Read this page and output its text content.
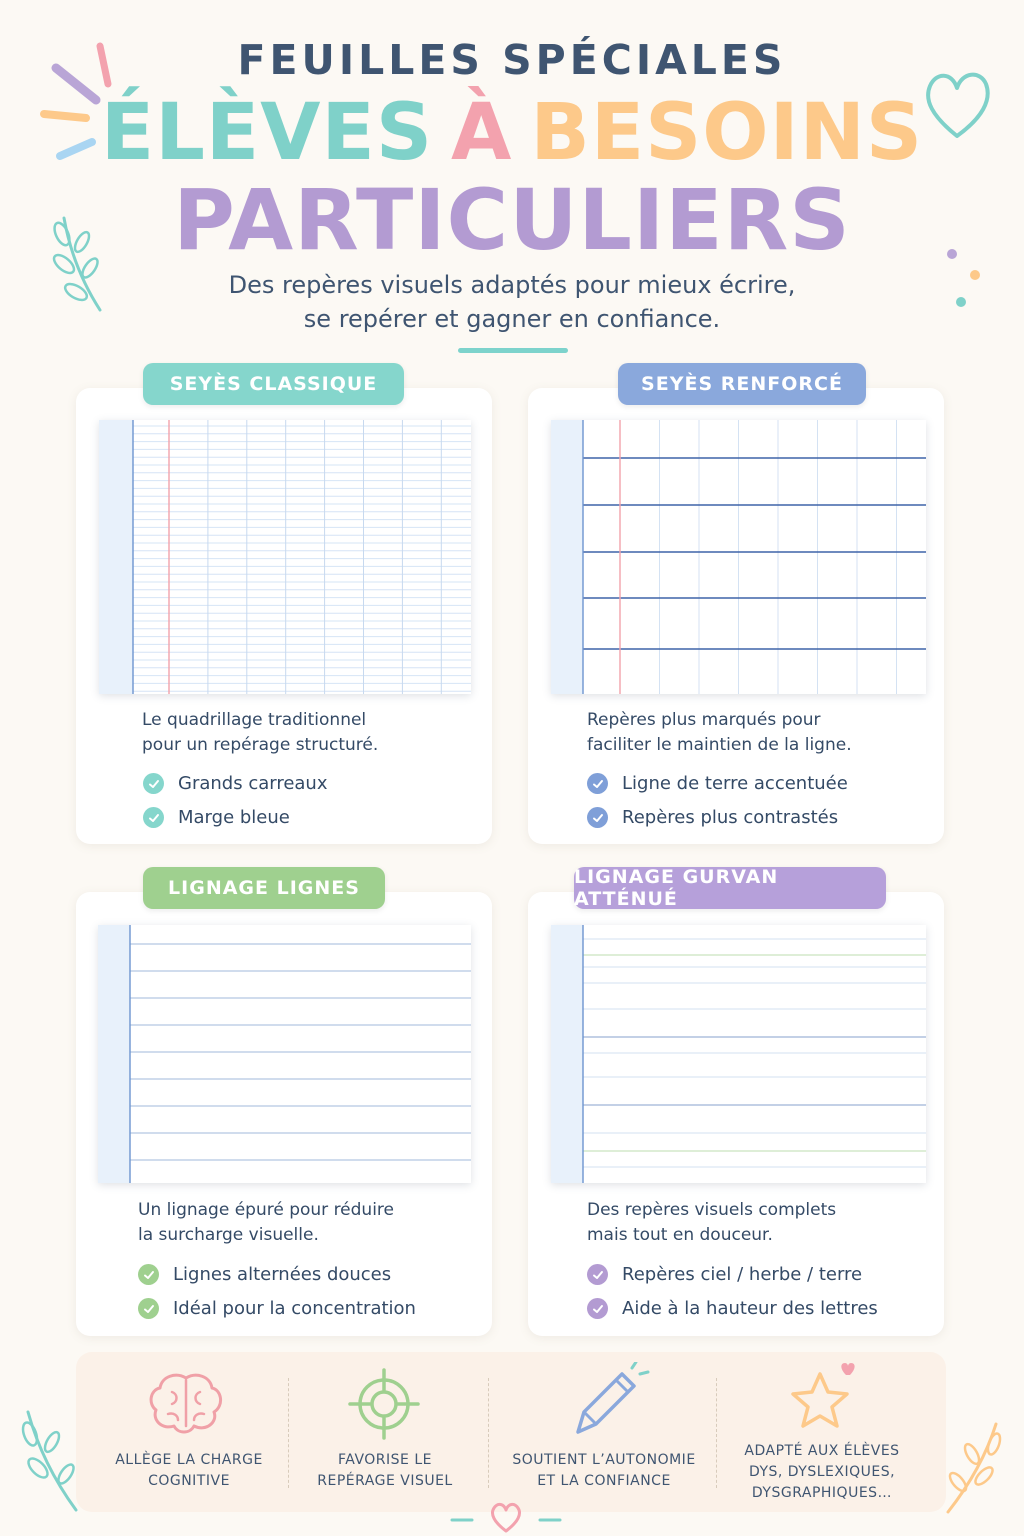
FEUILLES SPÉCIALES
ÉLÈVES À BESOINS
PARTICULIERS
Des repères visuels adaptés pour mieux écrire,
se repérer et gagner en confiance.
SEYÈS CLASSIQUE
Le quadrillage traditionnel
pour un repérage structuré.
Grands carreaux
Marge bleue
SEYÈS RENFORCÉ
Repères plus marqués pour
faciliter le maintien de la ligne.
Ligne de terre accentuée
Repères plus contrastés
LIGNAGE LIGNES
Un lignage épuré pour réduire
la surcharge visuelle.
Lignes alternées douces
Idéal pour la concentration
LIGNAGE GURVAN ATTÉNUÉ
Des repères visuels complets
mais tout en douceur.
Repères ciel / herbe / terre
Aide à la hauteur des lettres
ALLÈGE LA CHARGE
COGNITIVE
FAVORISE LE
REPÉRAGE VISUEL
SOUTIENT L’AUTONOMIE
ET LA CONFIANCE
ADAPTÉ AUX ÉLÈVES
DYS, DYSLEXIQUES,
DYSGRAPHIQUES…
